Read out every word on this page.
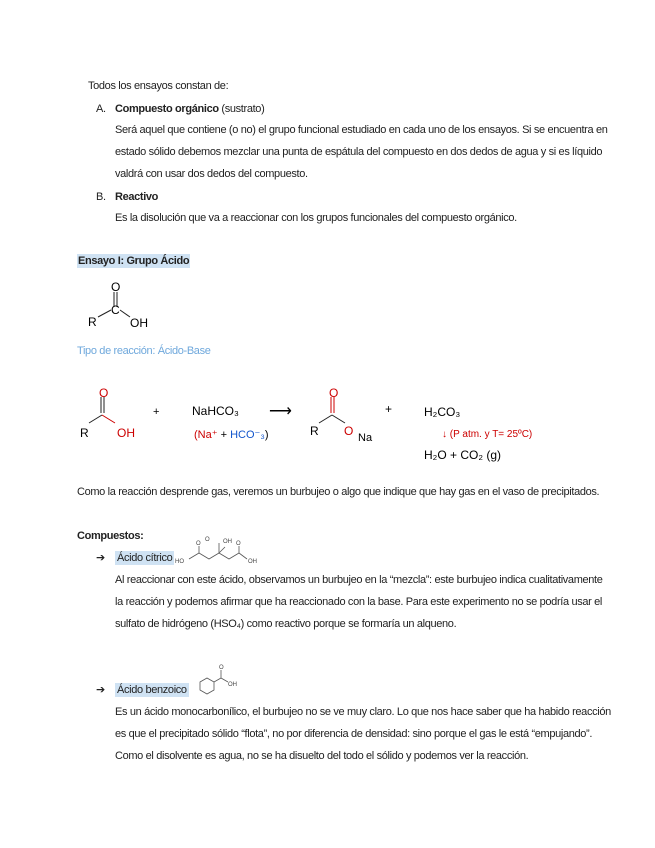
Todos los ensayos constan de:
A. Compuesto orgánico (sustrato)
Será aquel que contiene (o no) el grupo funcional estudiado en cada uno de los ensayos. Si se encuentra en
estado sólido debemos mezclar una punta de espátula del compuesto en dos dedos de agua y si es líquido
valdrá con usar dos dedos del compuesto.
B. Reactivo
Es la disolución que va a reaccionar con los grupos funcionales del compuesto orgánico.
Ensayo I: Grupo Ácido
O
C
R	OH
Tipo de reacción: Ácido-Base
O
R OH
+	NaHCO₃
(Na⁺ + HCO⁻₃)
⟶
O
R O Na
+	H₂CO₃
↓ (P atm. y T= 25ºC)
H₂O + CO₂ (g)
Como la reacción desprende gas, veremos un burbujeo o algo que indique que hay gas en el vaso de precipitados.
Compuestos:
➔ Ácido cítrico HO
OH
OH
O
O	O
Al reaccionar con este ácido, observamos un burbujeo en la “mezcla”: este burbujeo indica cualitativamente
la reacción y podemos afirmar que ha reaccionado con la base. Para este experimento no se podría usar el
sulfato de hidrógeno (HSO₄) como reactivo porque se formaría un alqueno.
➔ Ácido benzoico
O
OH
Es un ácido monocarbonílico, el burbujeo no se ve muy claro. Lo que nos hace saber que ha habido reacción
es que el precipitado sólido “flota”, no por diferencia de densidad: sino porque el gas le está “empujando”.
Como el disolvente es agua, no se ha disuelto del todo el sólido y podemos ver la reacción.
